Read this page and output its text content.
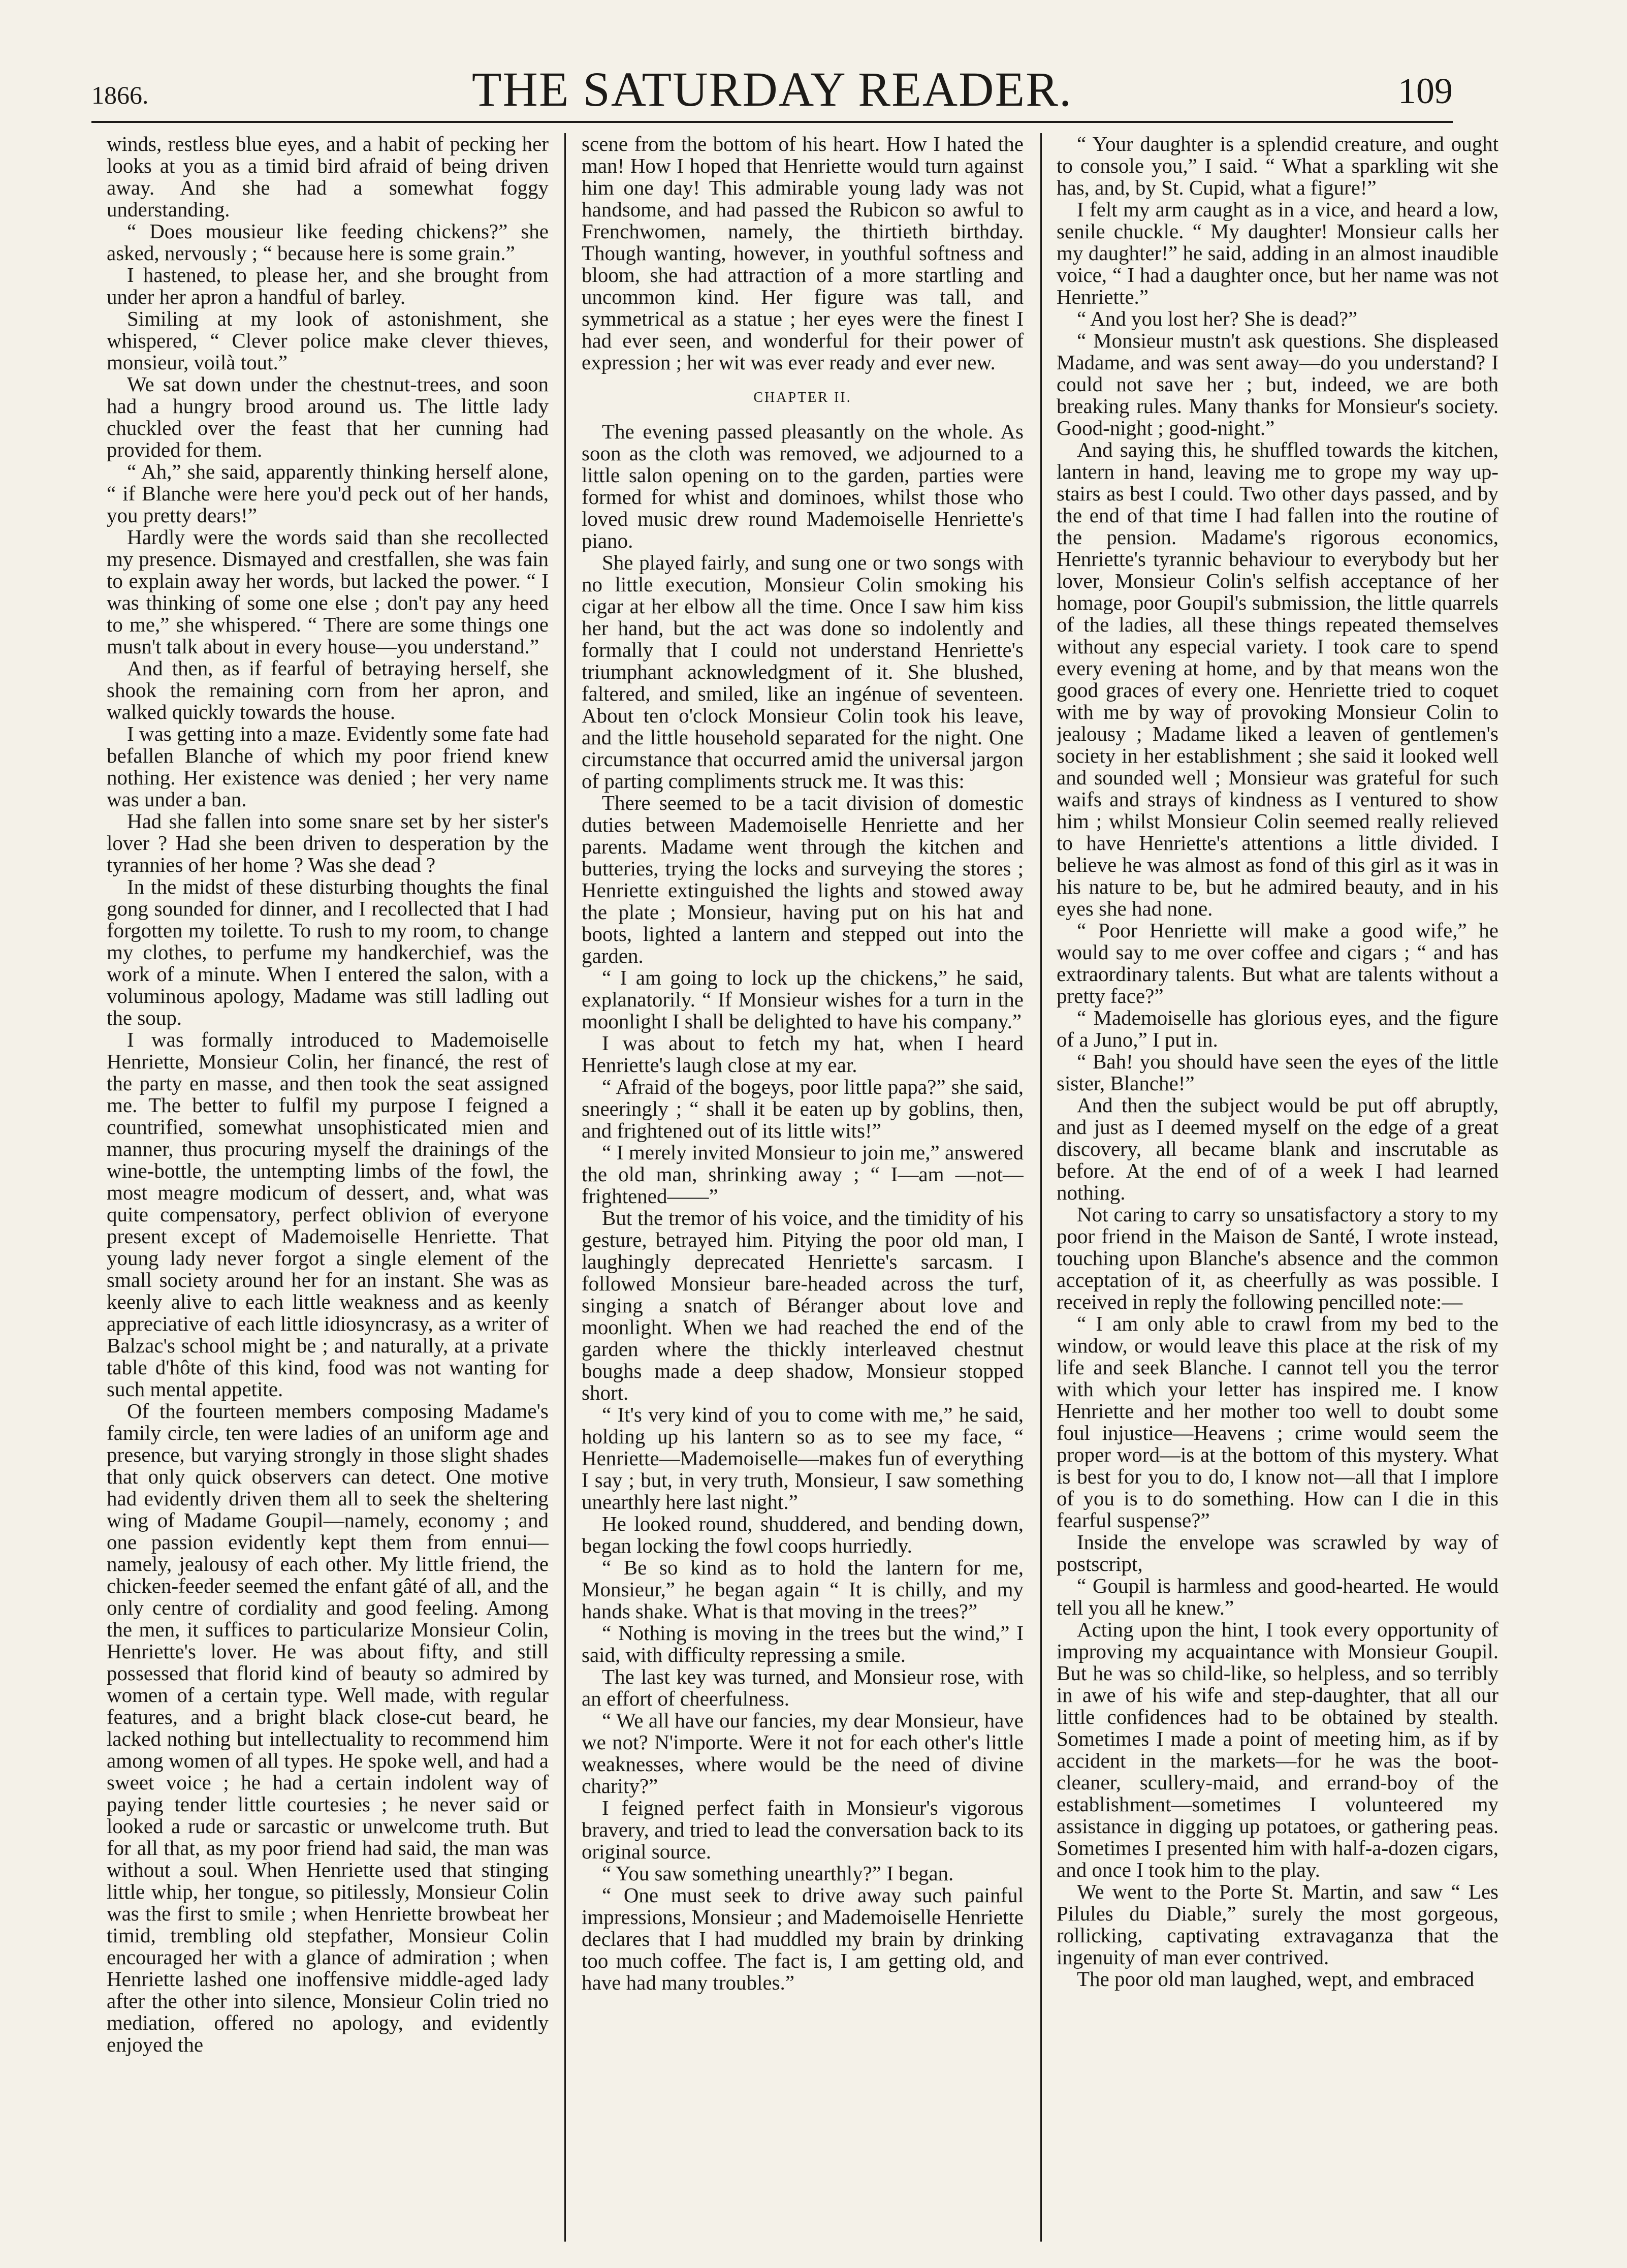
1866.	THE SATURDAY READER.	109

winds, restless blue eyes, and a habit of pecking her looks at you as a timid bird afraid of being driven away. And she had a somewhat foggy understanding.

“ Does mousieur like feeding chickens?” she asked, nervously ; “ because here is some grain.”

I hastened, to please her, and she brought from under her apron a handful of barley.

Similing at my look of astonishment, she whispered, “ Clever police make clever thieves, monsieur, voilà tout.”

We sat down under the chestnut-trees, and soon had a hungry brood around us. The little lady chuckled over the feast that her cunning had provided for them.

“ Ah,” she said, apparently thinking herself alone, “ if Blanche were here you'd peck out of her hands, you pretty dears!”

Hardly were the words said than she recollected my presence. Dismayed and crestfallen, she was fain to explain away her words, but lacked the power. “ I was thinking of some one else ; don't pay any heed to me,” she whispered. “ There are some things one musn't talk about in every house—you understand.”

And then, as if fearful of betraying herself, she shook the remaining corn from her apron, and walked quickly towards the house.

I was getting into a maze. Evidently some fate had befallen Blanche of which my poor friend knew nothing. Her existence was denied ; her very name was under a ban.

Had she fallen into some snare set by her sister's lover ? Had she been driven to desperation by the tyrannies of her home ? Was she dead ?

In the midst of these disturbing thoughts the final gong sounded for dinner, and I recollected that I had forgotten my toilette. To rush to my room, to change my clothes, to perfume my handkerchief, was the work of a minute. When I entered the salon, with a voluminous apology, Madame was still ladling out the soup.

I was formally introduced to Mademoiselle Henriette, Monsieur Colin, her financé, the rest of the party en masse, and then took the seat assigned me. The better to fulfil my purpose I feigned a countrified, somewhat unsophisticated mien and manner, thus procuring myself the drainings of the wine-bottle, the untempting limbs of the fowl, the most meagre modicum of dessert, and, what was quite compensatory, perfect oblivion of everyone present except of Mademoiselle Henriette. That young lady never forgot a single element of the small society around her for an instant. She was as keenly alive to each little weakness and as keenly appreciative of each little idiosyncrasy, as a writer of Balzac's school might be ; and naturally, at a private table d'hôte of this kind, food was not wanting for such mental appetite.

Of the fourteen members composing Madame's family circle, ten were ladies of an uniform age and presence, but varying strongly in those slight shades that only quick observers can detect. One motive had evidently driven them all to seek the sheltering wing of Madame Goupil—namely, economy ; and one passion evidently kept them from ennui—namely, jealousy of each other. My little friend, the chicken-feeder seemed the enfant gâté of all, and the only centre of cordiality and good feeling. Among the men, it suffices to particularize Monsieur Colin, Henriette's lover. He was about fifty, and still possessed that florid kind of beauty so admired by women of a certain type. Well made, with regular features, and a bright black close-cut beard, he lacked nothing but intellectuality to recommend him among women of all types. He spoke well, and had a sweet voice ; he had a certain indolent way of paying tender little courtesies ; he never said or looked a rude or sarcastic or unwelcome truth. But for all that, as my poor friend had said, the man was without a soul. When Henriette used that stinging little whip, her tongue, so pitilessly, Monsieur Colin was the first to smile ; when Henriette browbeat her timid, trembling old stepfather, Monsieur Colin encouraged her with a glance of admiration ; when Henriette lashed one inoffensive middle-aged lady after the other into silence, Monsieur Colin tried no mediation, offered no apology, and evidently enjoyed the

scene from the bottom of his heart. How I hated the man! How I hoped that Henriette would turn against him one day! This admirable young lady was not handsome, and had passed the Rubicon so awful to Frenchwomen, namely, the thirtieth birthday. Though wanting, however, in youthful softness and bloom, she had attraction of a more startling and uncommon kind. Her figure was tall, and symmetrical as a statue ; her eyes were the finest I had ever seen, and wonderful for their power of expression ; her wit was ever ready and ever new.

CHAPTER II.

The evening passed pleasantly on the whole. As soon as the cloth was removed, we adjourned to a little salon opening on to the garden, parties were formed for whist and dominoes, whilst those who loved music drew round Mademoiselle Henriette's piano.

She played fairly, and sung one or two songs with no little execution, Monsieur Colin smoking his cigar at her elbow all the time. Once I saw him kiss her hand, but the act was done so indolently and formally that I could not understand Henriette's triumphant acknowledgment of it. She blushed, faltered, and smiled, like an ingénue of seventeen. About ten o'clock Monsieur Colin took his leave, and the little household separated for the night. One circumstance that occurred amid the universal jargon of parting compliments struck me. It was this:

There seemed to be a tacit division of domestic duties between Mademoiselle Henriette and her parents. Madame went through the kitchen and butteries, trying the locks and surveying the stores ; Henriette extinguished the lights and stowed away the plate ; Monsieur, having put on his hat and boots, lighted a lantern and stepped out into the garden.

“ I am going to lock up the chickens,” he said, explanatorily. “ If Monsieur wishes for a turn in the moonlight I shall be delighted to have his company.”

I was about to fetch my hat, when I heard Henriette's laugh close at my ear.

“ Afraid of the bogeys, poor little papa?” she said, sneeringly ; “ shall it be eaten up by goblins, then, and frightened out of its little wits!”

“ I merely invited Monsieur to join me,” answered the old man, shrinking away ; “ I—am —not—frightened——”

But the tremor of his voice, and the timidity of his gesture, betrayed him. Pitying the poor old man, I laughingly deprecated Henriette's sarcasm. I followed Monsieur bare-headed across the turf, singing a snatch of Béranger about love and moonlight. When we had reached the end of the garden where the thickly interleaved chestnut boughs made a deep shadow, Monsieur stopped short.

“ It's very kind of you to come with me,” he said, holding up his lantern so as to see my face, “ Henriette—Mademoiselle—makes fun of everything I say ; but, in very truth, Monsieur, I saw something unearthly here last night.”

He looked round, shuddered, and bending down, began locking the fowl coops hurriedly.

“ Be so kind as to hold the lantern for me, Monsieur,” he began again “ It is chilly, and my hands shake. What is that moving in the trees?”

“ Nothing is moving in the trees but the wind,” I said, with difficulty repressing a smile.

The last key was turned, and Monsieur rose, with an effort of cheerfulness.

“ We all have our fancies, my dear Monsieur, have we not? N'importe. Were it not for each other's little weaknesses, where would be the need of divine charity?”

I feigned perfect faith in Monsieur's vigorous bravery, and tried to lead the conversation back to its original source.

“ You saw something unearthly?” I began.

“ One must seek to drive away such painful impressions, Monsieur ; and Mademoiselle Henriette declares that I had muddled my brain by drinking too much coffee. The fact is, I am getting old, and have had many troubles.”

“ Your daughter is a splendid creature, and ought to console you,” I said. “ What a sparkling wit she has, and, by St. Cupid, what a figure!”

I felt my arm caught as in a vice, and heard a low, senile chuckle. “ My daughter! Monsieur calls her my daughter!” he said, adding in an almost inaudible voice, “ I had a daughter once, but her name was not Henriette.”

“ And you lost her? She is dead?”

“ Monsieur mustn't ask questions. She displeased Madame, and was sent away—do you understand? I could not save her ; but, indeed, we are both breaking rules. Many thanks for Monsieur's society. Good-night ; good-night.”

And saying this, he shuffled towards the kitchen, lantern in hand, leaving me to grope my way up-stairs as best I could. Two other days passed, and by the end of that time I had fallen into the routine of the pension. Madame's rigorous economics, Henriette's tyrannic behaviour to everybody but her lover, Monsieur Colin's selfish acceptance of her homage, poor Goupil's submission, the little quarrels of the ladies, all these things repeated themselves without any especial variety. I took care to spend every evening at home, and by that means won the good graces of every one. Henriette tried to coquet with me by way of provoking Monsieur Colin to jealousy ; Madame liked a leaven of gentlemen's society in her establishment ; she said it looked well and sounded well ; Monsieur was grateful for such waifs and strays of kindness as I ventured to show him ; whilst Monsieur Colin seemed really relieved to have Henriette's attentions a little divided. I believe he was almost as fond of this girl as it was in his nature to be, but he admired beauty, and in his eyes she had none.

“ Poor Henriette will make a good wife,” he would say to me over coffee and cigars ; “ and has extraordinary talents. But what are talents without a pretty face?”

“ Mademoiselle has glorious eyes, and the figure of a Juno,” I put in.

“ Bah! you should have seen the eyes of the little sister, Blanche!”

And then the subject would be put off abruptly, and just as I deemed myself on the edge of a great discovery, all became blank and inscrutable as before. At the end of of a week I had learned nothing.

Not caring to carry so unsatisfactory a story to my poor friend in the Maison de Santé, I wrote instead, touching upon Blanche's absence and the common acceptation of it, as cheerfully as was possible. I received in reply the following pencilled note:—

“ I am only able to crawl from my bed to the window, or would leave this place at the risk of my life and seek Blanche. I cannot tell you the terror with which your letter has inspired me. I know Henriette and her mother too well to doubt some foul injustice—Heavens ; crime would seem the proper word—is at the bottom of this mystery. What is best for you to do, I know not—all that I implore of you is to do something. How can I die in this fearful suspense?”

Inside the envelope was scrawled by way of postscript,

“ Goupil is harmless and good-hearted. He would tell you all he knew.”

Acting upon the hint, I took every opportunity of improving my acquaintance with Monsieur Goupil. But he was so child-like, so helpless, and so terribly in awe of his wife and step-daughter, that all our little confidences had to be obtained by stealth. Sometimes I made a point of meeting him, as if by accident in the markets—for he was the boot-cleaner, scullery-maid, and errand-boy of the establishment—sometimes I volunteered my assistance in digging up potatoes, or gathering peas. Sometimes I presented him with half-a-dozen cigars, and once I took him to the play.

We went to the Porte St. Martin, and saw “ Les Pilules du Diable,” surely the most gorgeous, rollicking, captivating extravaganza that the ingenuity of man ever contrived.

The poor old man laughed, wept, and embraced
